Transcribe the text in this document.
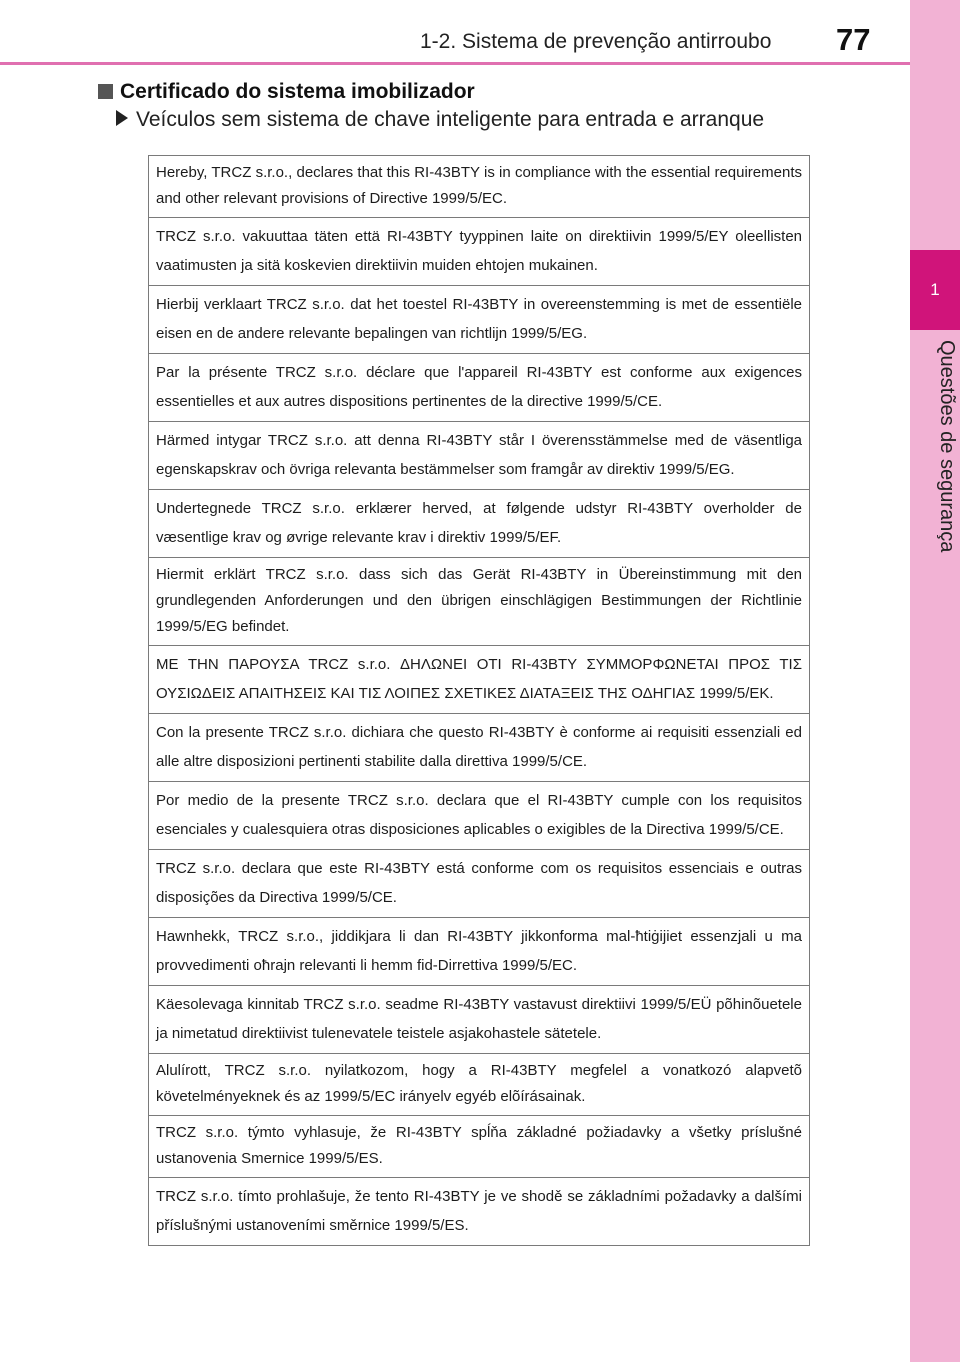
1-2. Sistema de prevenção antirroubo 77
1
Questões de segurança
Certificado do sistema imobilizador
Veículos sem sistema de chave inteligente para entrada e arranque
Hereby, TRCZ s.r.o., declares that this RI-43BTY is in compliance with the essential requirements and other relevant provisions of Directive 1999/5/EC.
TRCZ s.r.o. vakuuttaa täten että RI-43BTY tyyppinen laite on direktiivin 1999/5/EY oleellisten vaatimusten ja sitä koskevien direktiivin muiden ehtojen mukainen.
Hierbij verklaart TRCZ s.r.o. dat het toestel RI-43BTY in overeenstemming is met de essentiële eisen en de andere relevante bepalingen van richtlijn 1999/5/EG.
Par la présente TRCZ s.r.o. déclare que l'appareil RI-43BTY est conforme aux exigences essentielles et aux autres dispositions pertinentes de la directive 1999/5/CE.
Härmed intygar TRCZ s.r.o. att denna RI-43BTY står I överensstämmelse med de väsentliga egenskapskrav och övriga relevanta bestämmelser som framgår av direktiv 1999/5/EG.
Undertegnede TRCZ s.r.o. erklærer herved, at følgende udstyr RI-43BTY overholder de væsentlige krav og øvrige relevante krav i direktiv 1999/5/EF.
Hiermit erklärt TRCZ s.r.o. dass sich das Gerät RI-43BTY in Übereinstimmung mit den grundlegenden Anforderungen und den übrigen einschlägigen Bestimmungen der Richtlinie 1999/5/EG befindet.
ΜΕ ΤΗΝ ΠΑΡΟΥΣΑ TRCZ s.r.o. ΔΗΛΩΝΕΙ ΟΤΙ RI-43BTY ΣΥΜΜΟΡΦΩΝΕΤΑΙ ΠΡΟΣ ΤΙΣ ΟΥΣΙΩΔΕΙΣ ΑΠΑΙΤΗΣΕΙΣ ΚΑΙ ΤΙΣ ΛΟΙΠΕΣ ΣΧΕΤΙΚΕΣ ΔΙΑΤΑΞΕΙΣ ΤΗΣ ΟΔΗΓΙΑΣ 1999/5/ΕΚ.
Con la presente TRCZ s.r.o. dichiara che questo RI-43BTY è conforme ai requisiti essenziali ed alle altre disposizioni pertinenti stabilite dalla direttiva 1999/5/CE.
Por medio de la presente TRCZ s.r.o. declara que el RI-43BTY cumple con los requisitos esenciales y cualesquiera otras disposiciones aplicables o exigibles de la Directiva 1999/5/CE.
TRCZ s.r.o. declara que este RI-43BTY está conforme com os requisitos essenciais e outras disposições da Directiva 1999/5/CE.
Hawnhekk, TRCZ s.r.o., jiddikjara li dan RI-43BTY jikkonforma mal-ħtiġijiet essenzjali u ma provvedimenti oħrajn relevanti li hemm fid-Dirrettiva 1999/5/EC.
Käesolevaga kinnitab TRCZ s.r.o. seadme RI-43BTY vastavust direktiivi 1999/5/EÜ põhinõuetele ja nimetatud direktiivist tulenevatele teistele asjakohastele sätetele.
Alulírott, TRCZ s.r.o. nyilatkozom, hogy a RI-43BTY megfelel a vonatkozó alapvetõ követelményeknek és az 1999/5/EC irányelv egyéb elõírásainak.
TRCZ s.r.o. týmto vyhlasuje, že RI-43BTY spĺňa základné požiadavky a všetky príslušné ustanovenia Smernice 1999/5/ES.
TRCZ s.r.o. tímto prohlašuje, že tento RI-43BTY je ve shodě se základními požadavky a dalšími příslušnými ustanoveními směrnice 1999/5/ES.
